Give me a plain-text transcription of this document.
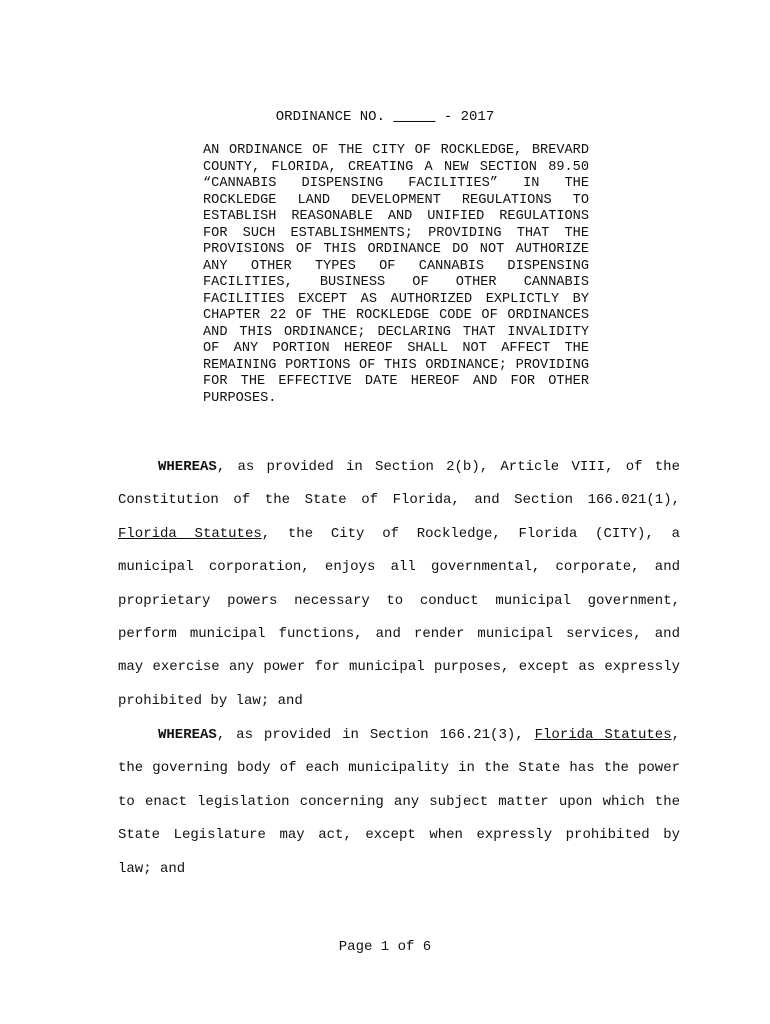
ORDINANCE NO. _____ - 2017

AN ORDINANCE OF THE CITY OF ROCKLEDGE, BREVARD COUNTY, FLORIDA, CREATING A NEW SECTION 89.50 “CANNABIS DISPENSING FACILITIES” IN THE ROCKLEDGE LAND DEVELOPMENT REGULATIONS TO ESTABLISH REASONABLE AND UNIFIED REGULATIONS FOR SUCH ESTABLISHMENTS; PROVIDING THAT THE PROVISIONS OF THIS ORDINANCE DO NOT AUTHORIZE ANY OTHER TYPES OF CANNABIS DISPENSING FACILITIES, BUSINESS OF OTHER CANNABIS FACILITIES EXCEPT AS AUTHORIZED EXPLICTLY BY CHAPTER 22 OF THE ROCKLEDGE CODE OF ORDINANCES AND THIS ORDINANCE; DECLARING THAT INVALIDITY OF ANY PORTION HEREOF SHALL NOT AFFECT THE REMAINING PORTIONS OF THIS ORDINANCE; PROVIDING FOR THE EFFECTIVE DATE HEREOF AND FOR OTHER PURPOSES.

WHEREAS, as provided in Section 2(b), Article VIII, of the Constitution of the State of Florida, and Section 166.021(1), Florida Statutes, the City of Rockledge, Florida (CITY), a municipal corporation, enjoys all governmental, corporate, and proprietary powers necessary to conduct municipal government, perform municipal functions, and render municipal services, and may exercise any power for municipal purposes, except as expressly prohibited by law; and

WHEREAS, as provided in Section 166.21(3), Florida Statutes, the governing body of each municipality in the State has the power to enact legislation concerning any subject matter upon which the State Legislature may act, except when expressly prohibited by law; and

Page 1 of 6
